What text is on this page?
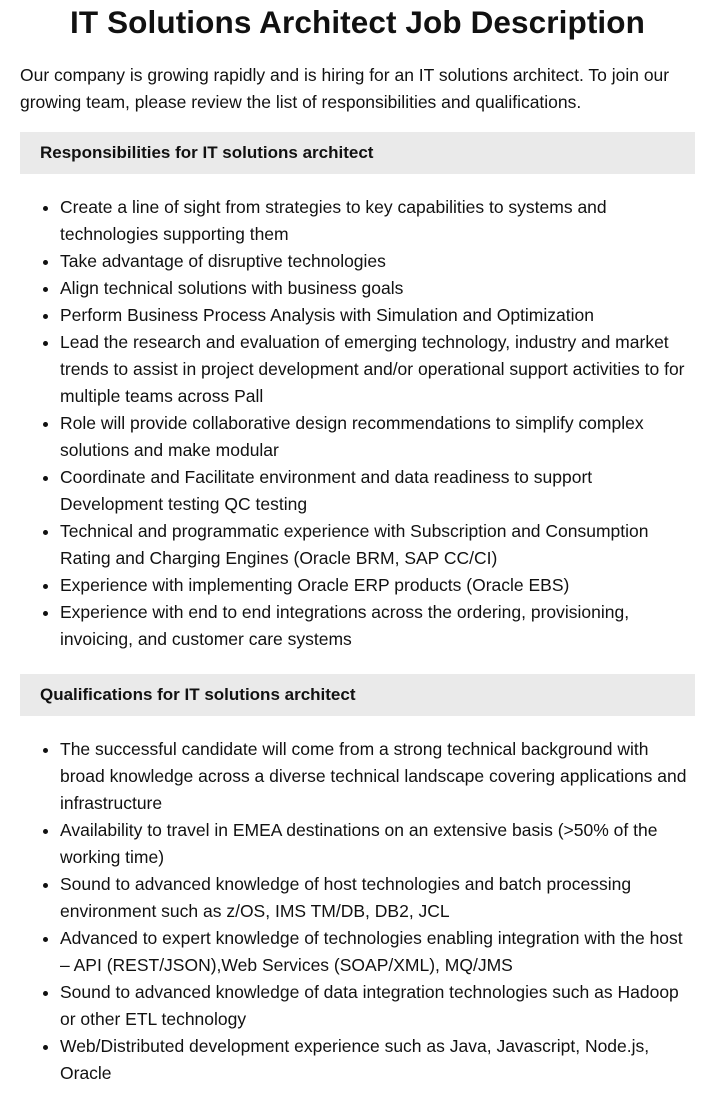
IT Solutions Architect Job Description

Our company is growing rapidly and is hiring for an IT solutions architect. To join our growing team, please review the list of responsibilities and qualifications.

Responsibilities for IT solutions architect
• Create a line of sight from strategies to key capabilities to systems and technologies supporting them
• Take advantage of disruptive technologies
• Align technical solutions with business goals
• Perform Business Process Analysis with Simulation and Optimization
• Lead the research and evaluation of emerging technology, industry and market trends to assist in project development and/or operational support activities to for multiple teams across Pall
• Role will provide collaborative design recommendations to simplify complex solutions and make modular
• Coordinate and Facilitate environment and data readiness to support Development testing QC testing
• Technical and programmatic experience with Subscription and Consumption Rating and Charging Engines (Oracle BRM, SAP CC/CI)
• Experience with implementing Oracle ERP products (Oracle EBS)
• Experience with end to end integrations across the ordering, provisioning, invoicing, and customer care systems
Qualifications for IT solutions architect
• The successful candidate will come from a strong technical background with broad knowledge across a diverse technical landscape covering applications and infrastructure
• Availability to travel in EMEA destinations on an extensive basis (>50% of the working time)
• Sound to advanced knowledge of host technologies and batch processing environment such as z/OS, IMS TM/DB, DB2, JCL
• Advanced to expert knowledge of technologies enabling integration with the host – API (REST/JSON),Web Services (SOAP/XML), MQ/JMS
• Sound to advanced knowledge of data integration technologies such as Hadoop or other ETL technology
• Web/Distributed development experience such as Java, Javascript, Node.js, Oracle
